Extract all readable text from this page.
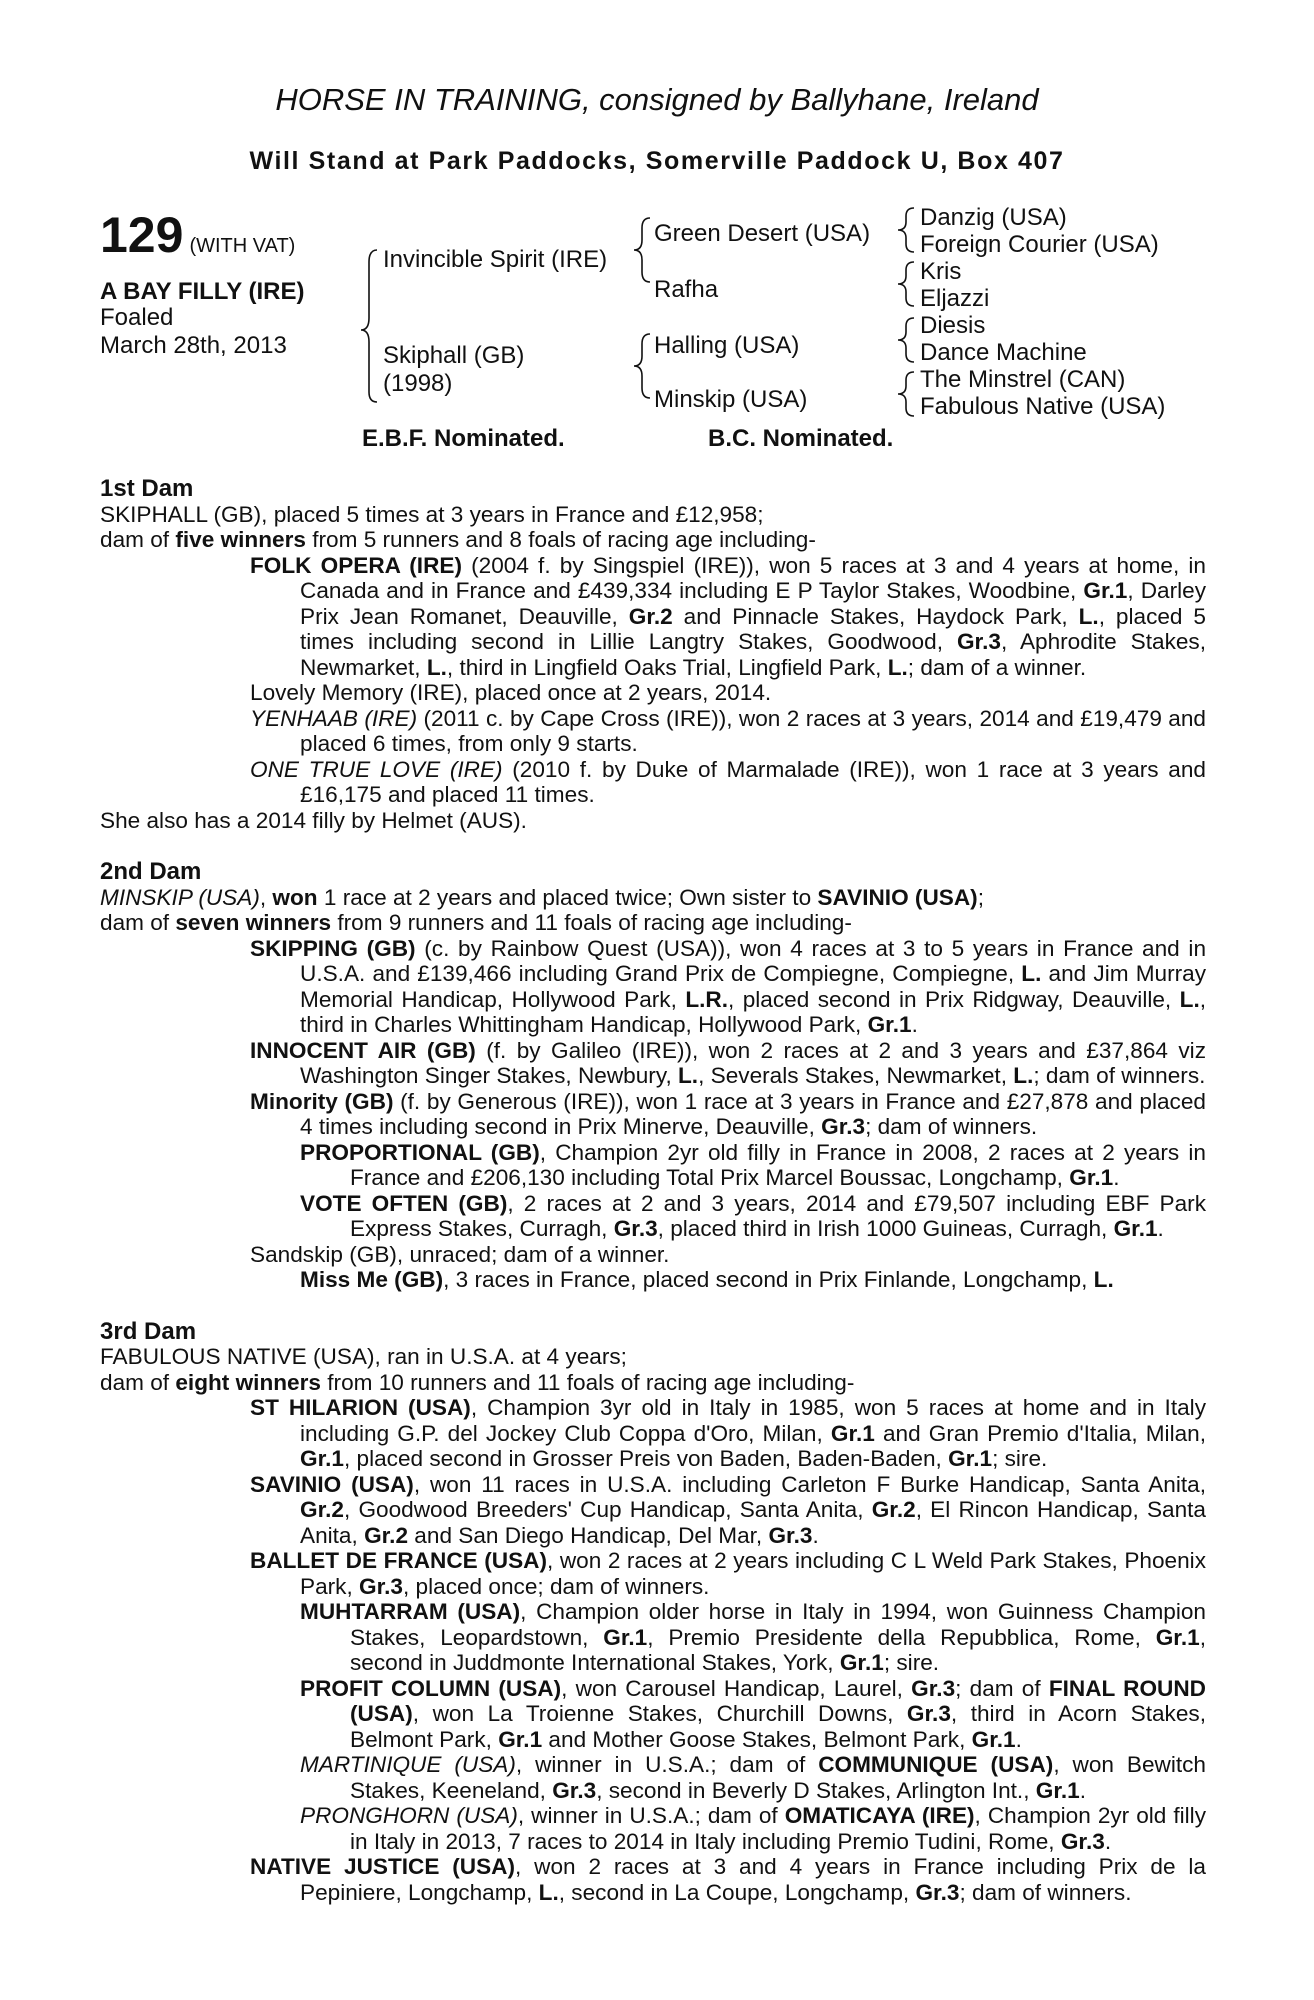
HORSE IN TRAINING, consigned by Ballyhane, Ireland
Will Stand at Park Paddocks, Somerville Paddock U, Box 407
129 (WITH VAT)
A BAY FILLY (IRE)
Foaled
March 28th, 2013
Invincible Spirit (IRE)
Skiphall (GB)
(1998)
Green Desert (USA)
Rafha
Halling (USA)
Minskip (USA)
Danzig (USA)
Foreign Courier (USA)
Kris
Eljazzi
Diesis
Dance Machine
The Minstrel (CAN)
Fabulous Native (USA)
E.B.F. Nominated.	B.C. Nominated.
1st Dam
SKIPHALL (GB), placed 5 times at 3 years in France and £12,958;
dam of five winners from 5 runners and 8 foals of racing age including-
FOLK OPERA (IRE) (2004 f. by Singspiel (IRE)), won 5 races at 3 and 4 years at home, in Canada and in France and £439,334 including E P Taylor Stakes, Woodbine, Gr.1, Darley Prix Jean Romanet, Deauville, Gr.2 and Pinnacle Stakes, Haydock Park, L., placed 5 times including second in Lillie Langtry Stakes, Goodwood, Gr.3, Aphrodite Stakes, Newmarket, L., third in Lingfield Oaks Trial, Lingfield Park, L.; dam of a winner.
Lovely Memory (IRE), placed once at 2 years, 2014.
YENHAAB (IRE) (2011 c. by Cape Cross (IRE)), won 2 races at 3 years, 2014 and £19,479 and placed 6 times, from only 9 starts.
ONE TRUE LOVE (IRE) (2010 f. by Duke of Marmalade (IRE)), won 1 race at 3 years and £16,175 and placed 11 times.
She also has a 2014 filly by Helmet (AUS).
2nd Dam
MINSKIP (USA), won 1 race at 2 years and placed twice; Own sister to SAVINIO (USA);
dam of seven winners from 9 runners and 11 foals of racing age including-
SKIPPING (GB) (c. by Rainbow Quest (USA)), won 4 races at 3 to 5 years in France and in U.S.A. and £139,466 including Grand Prix de Compiegne, Compiegne, L. and Jim Murray Memorial Handicap, Hollywood Park, L.R., placed second in Prix Ridgway, Deauville, L., third in Charles Whittingham Handicap, Hollywood Park, Gr.1.
INNOCENT AIR (GB) (f. by Galileo (IRE)), won 2 races at 2 and 3 years and £37,864 viz Washington Singer Stakes, Newbury, L., Severals Stakes, Newmarket, L.; dam of winners.
Minority (GB) (f. by Generous (IRE)), won 1 race at 3 years in France and £27,878 and placed 4 times including second in Prix Minerve, Deauville, Gr.3; dam of winners.
PROPORTIONAL (GB), Champion 2yr old filly in France in 2008, 2 races at 2 years in France and £206,130 including Total Prix Marcel Boussac, Longchamp, Gr.1.
VOTE OFTEN (GB), 2 races at 2 and 3 years, 2014 and £79,507 including EBF Park Express Stakes, Curragh, Gr.3, placed third in Irish 1000 Guineas, Curragh, Gr.1.
Sandskip (GB), unraced; dam of a winner.
Miss Me (GB), 3 races in France, placed second in Prix Finlande, Longchamp, L.
3rd Dam
FABULOUS NATIVE (USA), ran in U.S.A. at 4 years;
dam of eight winners from 10 runners and 11 foals of racing age including-
ST HILARION (USA), Champion 3yr old in Italy in 1985, won 5 races at home and in Italy including G.P. del Jockey Club Coppa d'Oro, Milan, Gr.1 and Gran Premio d'Italia, Milan, Gr.1, placed second in Grosser Preis von Baden, Baden-Baden, Gr.1; sire.
SAVINIO (USA), won 11 races in U.S.A. including Carleton F Burke Handicap, Santa Anita, Gr.2, Goodwood Breeders' Cup Handicap, Santa Anita, Gr.2, El Rincon Handicap, Santa Anita, Gr.2 and San Diego Handicap, Del Mar, Gr.3.
BALLET DE FRANCE (USA), won 2 races at 2 years including C L Weld Park Stakes, Phoenix Park, Gr.3, placed once; dam of winners.
MUHTARRAM (USA), Champion older horse in Italy in 1994, won Guinness Champion Stakes, Leopardstown, Gr.1, Premio Presidente della Repubblica, Rome, Gr.1, second in Juddmonte International Stakes, York, Gr.1; sire.
PROFIT COLUMN (USA), won Carousel Handicap, Laurel, Gr.3; dam of FINAL ROUND (USA), won La Troienne Stakes, Churchill Downs, Gr.3, third in Acorn Stakes, Belmont Park, Gr.1 and Mother Goose Stakes, Belmont Park, Gr.1.
MARTINIQUE (USA), winner in U.S.A.; dam of COMMUNIQUE (USA), won Bewitch Stakes, Keeneland, Gr.3, second in Beverly D Stakes, Arlington Int., Gr.1.
PRONGHORN (USA), winner in U.S.A.; dam of OMATICAYA (IRE), Champion 2yr old filly in Italy in 2013, 7 races to 2014 in Italy including Premio Tudini, Rome, Gr.3.
NATIVE JUSTICE (USA), won 2 races at 3 and 4 years in France including Prix de la Pepiniere, Longchamp, L., second in La Coupe, Longchamp, Gr.3; dam of winners.
